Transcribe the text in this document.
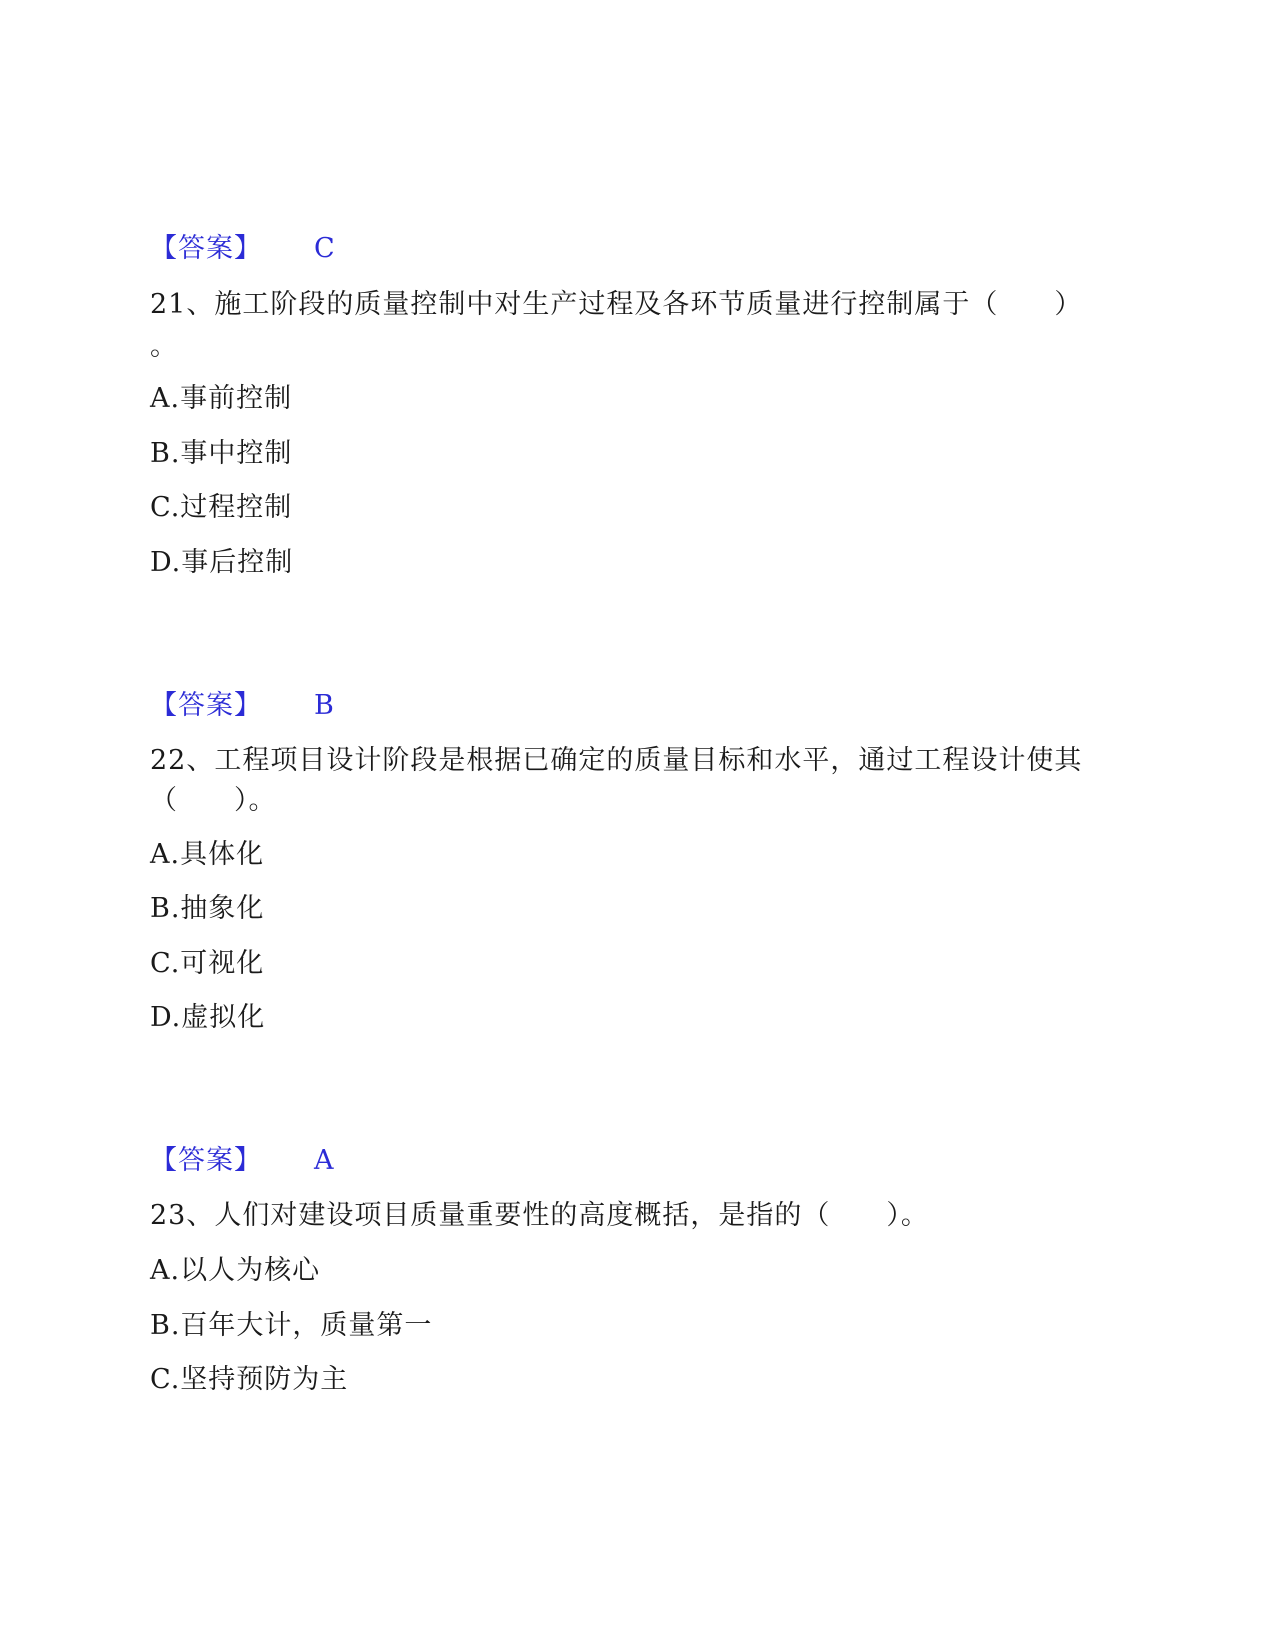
【答案】 C
21、施工阶段的质量控制中对生产过程及各环节质量进行控制属于（　　）
。
A.事前控制
B.事中控制
C.过程控制
D.事后控制
【答案】 B
22、工程项目设计阶段是根据已确定的质量目标和水平，通过工程设计使其
（　　）。
A.具体化
B.抽象化
C.可视化
D.虚拟化
【答案】 A
23、人们对建设项目质量重要性的高度概括，是指的（　　）。
A.以人为核心
B.百年大计，质量第一
C.坚持预防为主
